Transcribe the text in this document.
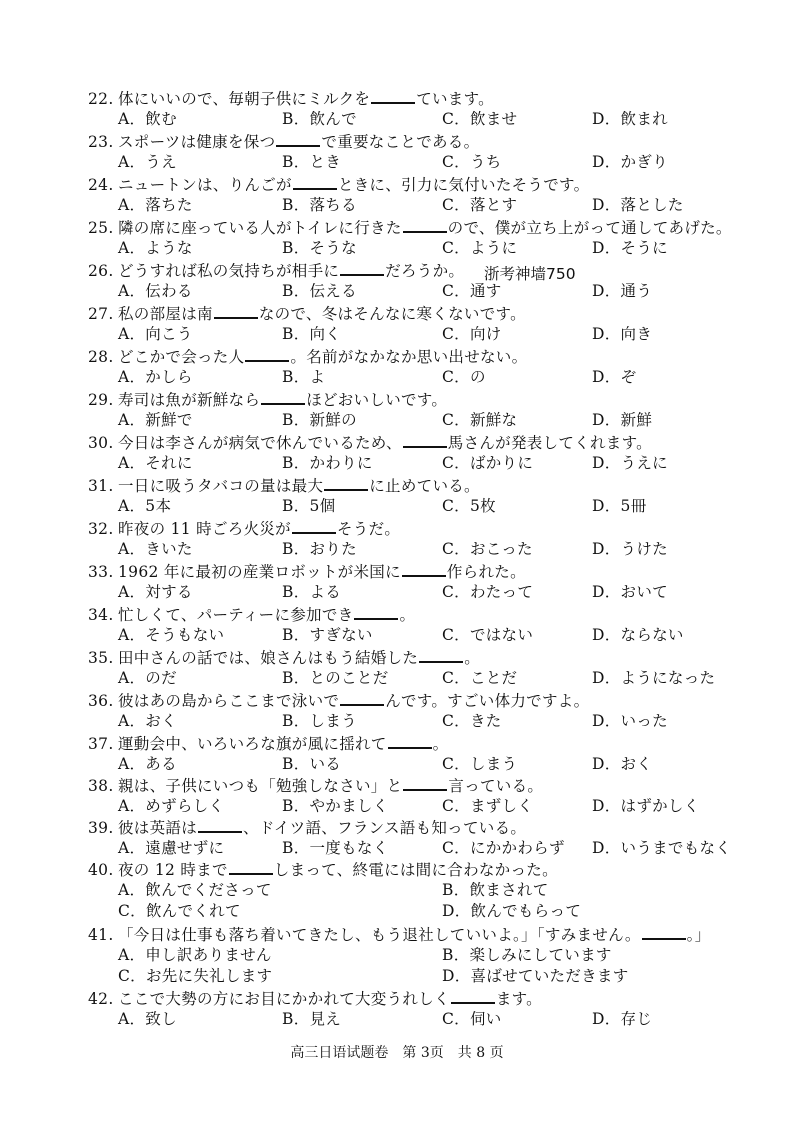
22. 体にいいので、毎朝子供にミルクを	ています。
A．飲む	B．飲んで	C．飲ませ	D．飲まれ
23. スポーツは健康を保つ	で重要なことである。
A．うえ	B．とき	C．うち	D．かぎり
24. ニュートンは、りんごが	ときに、引力に気付いたそうです。
A．落ちた	B．落ちる	C．落とす	D．落とした
25. 隣の席に座っている人がトイレに行きた	ので、僕が立ち上がって通してあげた。
A．ような	B．そうな	C．ように	D．そうに
26. どうすれば私の気持ちが相手に	だろうか。
A．伝わる	B．伝える	C．通す	D．通う
浙考神墙750
27. 私の部屋は南	なので、冬はそんなに寒くないです。
A．向こう	B．向く	C．向け	D．向き
28. どこかで会った人	。名前がなかなか思い出せない。
A．かしら	B．よ	C．の	D．ぞ
29. 寿司は魚が新鮮なら	ほどおいしいです。
A．新鮮で	B．新鮮の	C．新鮮な	D．新鮮
30. 今日は李さんが病気で休んでいるため、	馬さんが発表してくれます。
A．それに	B．かわりに	C．ばかりに	D．うえに
31. 一日に吸うタバコの量は最大	に止めている。
A．5本	B．5個	C．5枚	D．5冊
32. 昨夜の 11 時ごろ火災が	そうだ。
A．きいた	B．おりた	C．おこった	D．うけた
33. 1962 年に最初の産業ロボットが米国に	作られた。
A．対する	B．よる	C．わたって	D．おいて
34. 忙しくて、パーティーに参加でき	。
A．そうもない	B．すぎない	C．ではない	D．ならない
35. 田中さんの話では、娘さんはもう結婚した	。
A．のだ	B．とのことだ	C．ことだ	D．ようになった
36. 彼はあの島からここまで泳いで	んです。すごい体力ですよ。
A．おく	B．しまう	C．きた	D．いった
37. 運動会中、いろいろな旗が風に揺れて	。
A．ある	B．いる	C．しまう	D．おく
38. 親は、子供にいつも「勉強しなさい」と	言っている。
A．めずらしく	B．やかましく	C．まずしく	D．はずかしく
39. 彼は英語は	、ドイツ語、フランス語も知っている。
A．遠慮せずに	B．一度もなく	C．にかかわらず D．いうまでもなく
40. 夜の 12 時まで	しまって、終電には間に合わなかった。
A．飲んでくださって	B．飲まされて
C．飲んでくれて	D．飲んでもらって
41. 「今日は仕事も落ち着いてきたし、もう退社していいよ。」「すみません。	。」
A．申し訳ありません	B．楽しみにしています
C．お先に失礼します	D．喜ばせていただきます
42. ここで大勢の方にお目にかかれて大変うれしく	ます。
A．致し	B．見え	C．伺い	D．存じ
高三日语试题卷　第 3页　共 8 页
